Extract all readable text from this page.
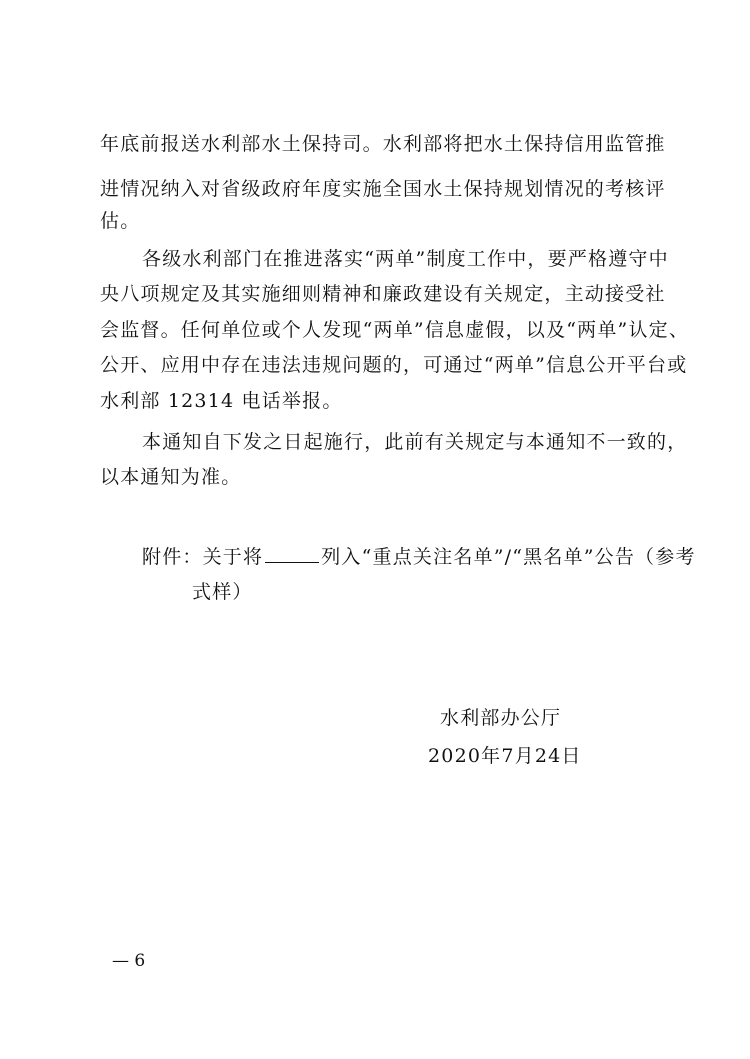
年底前报送水利部水土保持司。水利部将把水土保持信用监管推
进情况纳入对省级政府年度实施全国水土保持规划情况的考核评
估。
各级水利部门在推进落实“两单”制度工作中，要严格遵守中
央八项规定及其实施细则精神和廉政建设有关规定，主动接受社
会监督。任何单位或个人发现“两单”信息虚假，以及“两单”认定、
公开、应用中存在违法违规问题的，可通过“两单”信息公开平台或
水利部 12314 电话举报。
本通知自下发之日起施行，此前有关规定与本通知不一致的，
以本通知为准。
附件：关于将	列入“重点关注名单”/“黑名单”公告（参考
式样）
水利部办公厅
2020年7月24日
— 6
